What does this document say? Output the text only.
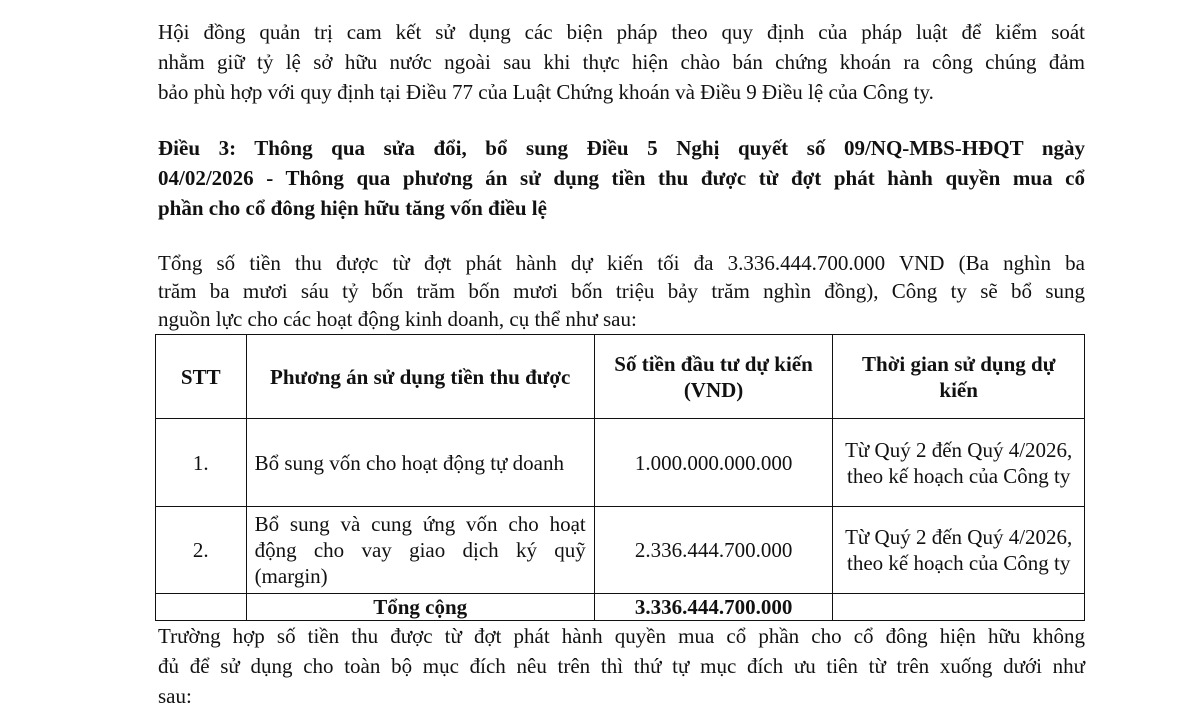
Hội đồng quản trị cam kết sử dụng các biện pháp theo quy định của pháp luật để kiểm soát
nhằm giữ tỷ lệ sở hữu nước ngoài sau khi thực hiện chào bán chứng khoán ra công chúng đảm
bảo phù hợp với quy định tại Điều 77 của Luật Chứng khoán và Điều 9 Điều lệ của Công ty.

Điều 3: Thông qua sửa đổi, bổ sung Điều 5 Nghị quyết số 09/NQ-MBS-HĐQT ngày
04/02/2026 - Thông qua phương án sử dụng tiền thu được từ đợt phát hành quyền mua cổ
phần cho cổ đông hiện hữu tăng vốn điều lệ

Tổng số tiền thu được từ đợt phát hành dự kiến tối đa 3.336.444.700.000 VND (Ba nghìn ba
trăm ba mươi sáu tỷ bốn trăm bốn mươi bốn triệu bảy trăm nghìn đồng), Công ty sẽ bổ sung
nguồn lực cho các hoạt động kinh doanh, cụ thể như sau:

STT	Phương án sử dụng tiền thu được	Số tiền đầu tư dự kiến (VND)	Thời gian sử dụng dự kiến
1.	Bổ sung vốn cho hoạt động tự doanh	1.000.000.000.000	Từ Quý 2 đến Quý 4/2026, theo kế hoạch của Công ty
2.	Bổ sung và cung ứng vốn cho hoạt động cho vay giao dịch ký quỹ (margin)	2.336.444.700.000	Từ Quý 2 đến Quý 4/2026, theo kế hoạch của Công ty
	Tổng cộng	3.336.444.700.000	

Trường hợp số tiền thu được từ đợt phát hành quyền mua cổ phần cho cổ đông hiện hữu không
đủ để sử dụng cho toàn bộ mục đích nêu trên thì thứ tự mục đích ưu tiên từ trên xuống dưới như
sau:
